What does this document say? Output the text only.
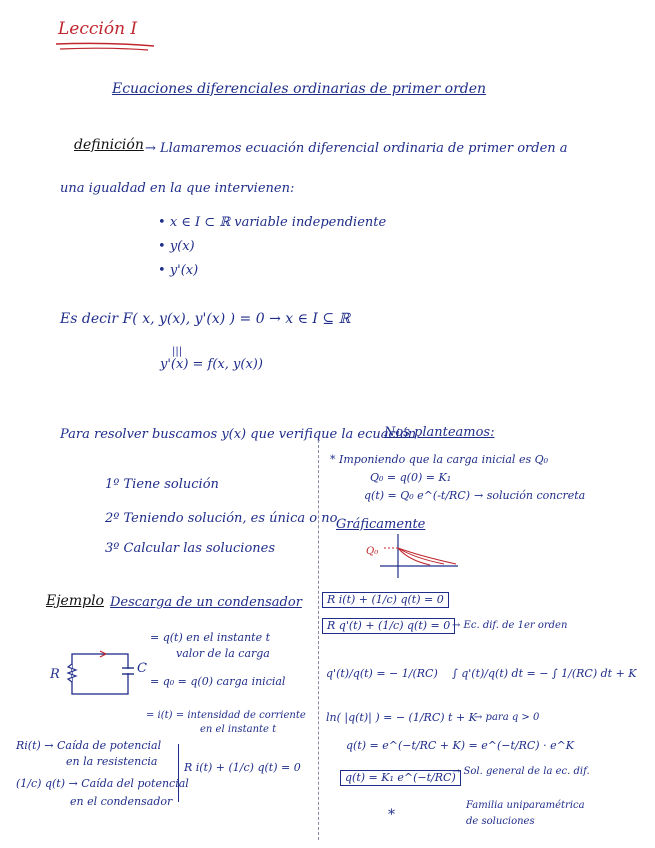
Lección I
Ecuaciones diferenciales ordinarias de primer orden
definición → Llamaremos ecuación diferencial ordinaria de primer orden a
una igualdad en la que intervienen:
• x ∈ I ⊂ ℝ variable independiente
• y(x)
• y'(x)
Es decir F( x, y(x), y'(x) ) = 0 → x ∈ I ⊆ ℝ
|||
y'(x) = f(x, y(x))
Para resolver buscamos y(x) que verifique la ecuación.
Nos planteamos:
1º Tiene solución
2º Teniendo solución, es única o no
3º Calcular las soluciones
* Imponiendo que la carga inicial es Q₀
Q₀ = q(0) = K₁
q(t) = Q₀ e^(-t/RC) → solución concreta
Gráficamente
Q₀
Ejemplo Descarga de un condensador
R	C
= q(t) en el instante t
valor de la carga
= q₀ = q(0) carga inicial
= i(t) = intensidad de corriente
en el instante t
Ri(t) → Caída de potencial
en la resistencia
(1/c) q(t) → Caída del potencial
en el condensador
R i(t) + (1/c) q(t) = 0
R i(t) + (1/c) q(t) = 0
R q'(t) + (1/c) q(t) = 0 → Ec. dif. de 1er orden
q'(t)/q(t) = − 1/(RC) ∫ q'(t)/q(t) dt = − ∫ 1/(RC) dt + K
ln( |q(t)| ) = − (1/RC) t + K
→ para q > 0
q(t) = e^(−t/RC + K) = e^(−t/RC) · e^K
q(t) = K₁ e^(−t/RC)
→ Sol. general de la ec. dif.
Familia uniparamétrica
de soluciones
*
